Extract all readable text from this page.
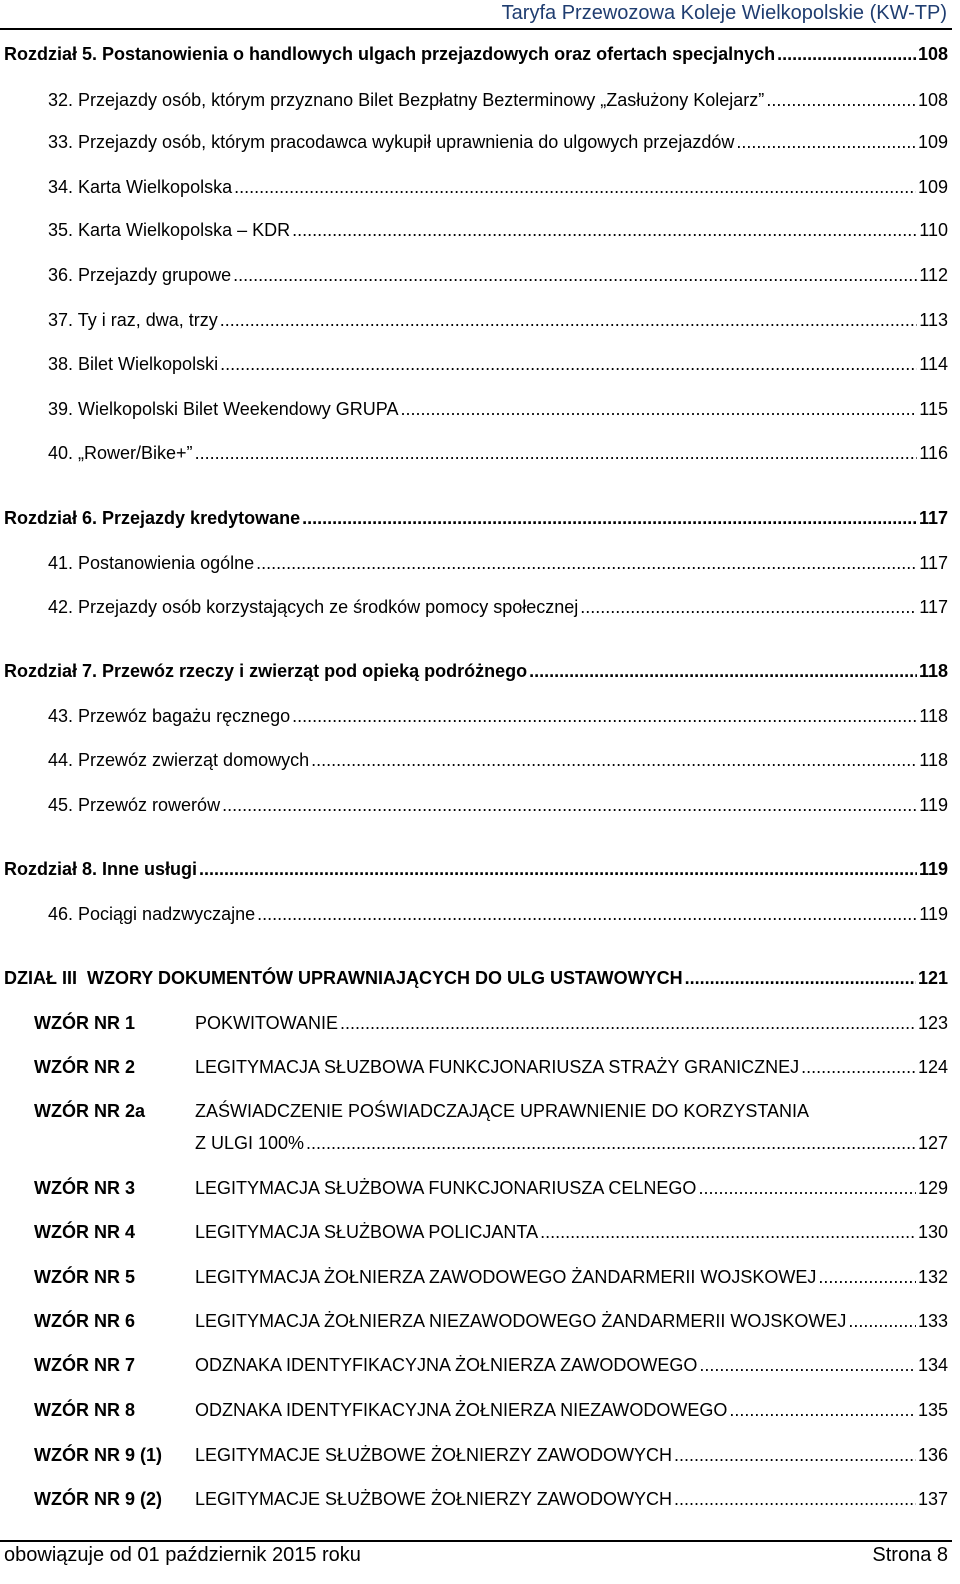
Taryfa Przewozowa Koleje Wielkopolskie (KW-TP)
Rozdział 5. Postanowienia o handlowych ulgach przejazdowych oraz ofertach specjalnych .....	108
32. Przejazdy osób, którym przyznano Bilet Bezpłatny Bezterminowy „Zasłużony Kolejarz” .....	108
33. Przejazdy osób, którym pracodawca wykupił uprawnienia do ulgowych przejazdów .....	109
34. Karta Wielkopolska .....	109
35. Karta Wielkopolska – KDR .....	110
36. Przejazdy grupowe .....	112
37. Ty i raz, dwa, trzy .....	113
38. Bilet Wielkopolski .....	114
39. Wielkopolski Bilet Weekendowy GRUPA .....	115
40. „Rower/Bike+” .....	116
Rozdział 6. Przejazdy kredytowane .....	117
41. Postanowienia ogólne .....	117
42. Przejazdy osób korzystających ze środków pomocy społecznej .....	117
Rozdział 7. Przewóz rzeczy i zwierząt pod opieką podróżnego .....	118
43. Przewóz bagażu ręcznego .....	118
44. Przewóz zwierząt domowych .....	118
45. Przewóz rowerów .....	119
Rozdział 8. Inne usługi .....	119
46. Pociągi nadzwyczajne .....	119
DZIAŁ III  WZORY DOKUMENTÓW UPRAWNIAJĄCYCH DO ULG USTAWOWYCH .....	121
WZÓR NR 1	POKWITOWANIE .....	123
WZÓR NR 2	LEGITYMACJA SŁUZBOWA FUNKCJONARIUSZA STRAŻY GRANICZNEJ .....	124
WZÓR NR 2a	ZAŚWIADCZENIE POŚWIADCZAJĄCE UPRAWNIENIE DO KORZYSTANIA
Z ULGI 100% .....	127
WZÓR NR 3	LEGITYMACJA SŁUŻBOWA FUNKCJONARIUSZA CELNEGO .....	129
WZÓR NR 4	LEGITYMACJA SŁUŻBOWA POLICJANTA .....	130
WZÓR NR 5	LEGITYMACJA ŻOŁNIERZA ZAWODOWEGO ŻANDARMERII WOJSKOWEJ .....	132
WZÓR NR 6	LEGITYMACJA ŻOŁNIERZA NIEZAWODOWEGO ŻANDARMERII WOJSKOWEJ .....	133
WZÓR NR 7	ODZNAKA IDENTYFIKACYJNA ŻOŁNIERZA ZAWODOWEGO .....	134
WZÓR NR 8	ODZNAKA IDENTYFIKACYJNA ŻOŁNIERZA NIEZAWODOWEGO .....	135
WZÓR NR 9 (1) LEGITYMACJE SŁUŻBOWE ŻOŁNIERZY ZAWODOWYCH .....	136
WZÓR NR 9 (2) LEGITYMACJE SŁUŻBOWE ŻOŁNIERZY ZAWODOWYCH .....	137
obowiązuje od 01 październik 2015 roku	Strona 8
